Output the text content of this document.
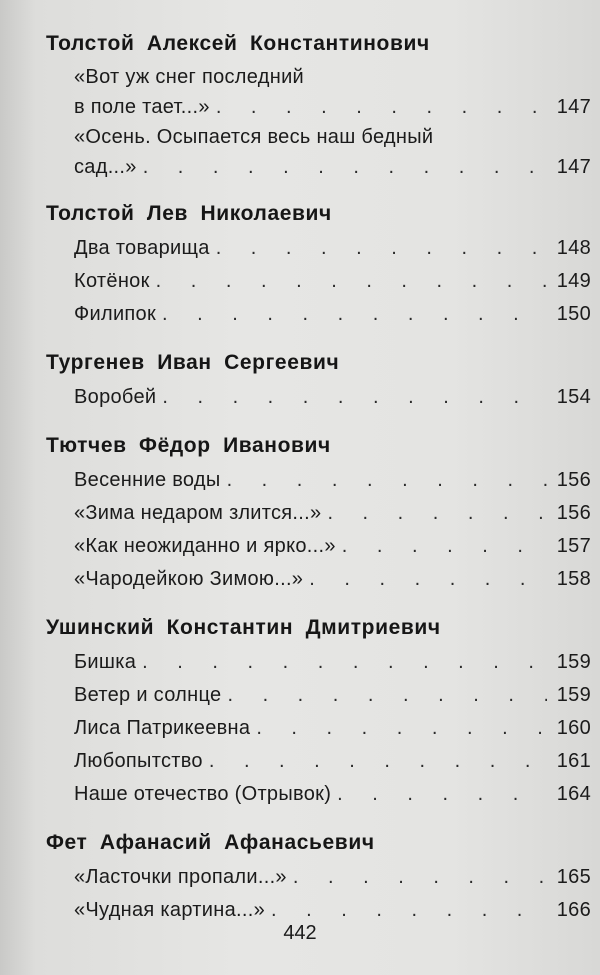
Толстой Алексей Константинович
«Вот уж снег последний
в поле тает...» . . .	147
«Осень. Осыпается весь наш бедный
сад...» . . .	147
Толстой Лев Николаевич
Два товарища . . .	148
Котёнок . . .	149
Филипок . . .	150
Тургенев Иван Сергеевич
Воробей . . .	154
Тютчев Фёдор Иванович
Весенние воды . . .	156
«Зима недаром злится...» . . .	156
«Как неожиданно и ярко...» . . .	157
«Чародейкою Зимою...» . . .	158
Ушинский Константин Дмитриевич
Бишка . . .	159
Ветер и солнце . . .	159
Лиса Патрикеевна . . .	160
Любопытство . . .	161
Наше отечество (Отрывок) . . .	164
Фет Афанасий Афанасьевич
«Ласточки пропали...» . . .	165
«Чудная картина...» . . .	166
442
